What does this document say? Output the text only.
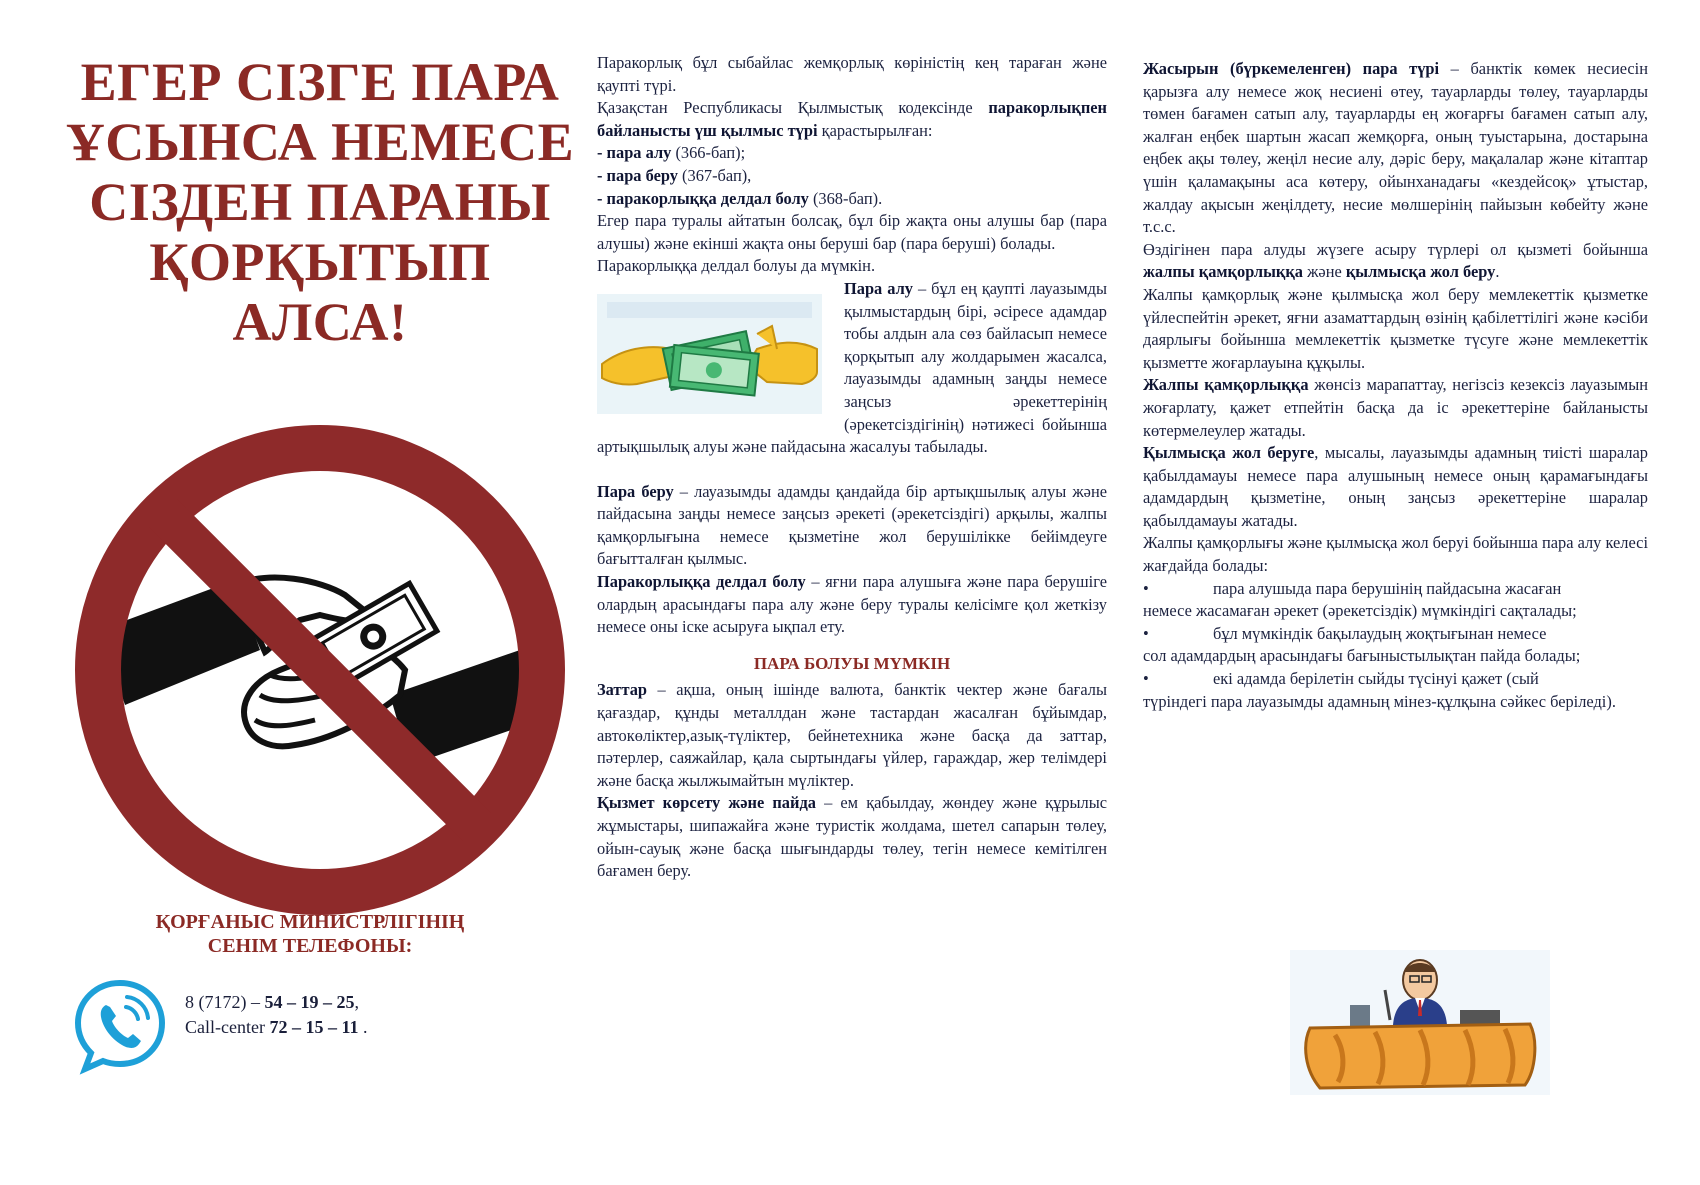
ЕГЕР СІЗГЕ ПАРА
ҰСЫНСА НЕМЕСЕ
СІЗДЕН ПАРАНЫ
ҚОРҚЫТЫП
АЛСА!
ҚОРҒАНЫС МИНИСТРЛІГІНІҢ
СЕНІМ ТЕЛЕФОНЫ:
8 (7172) – 54 – 19 – 25,
Call-center 72 – 15 – 11 .

Паракорлық бұл сыбайлас жемқорлық көріністің кең тараған және қаупті түрі.

Қазақстан Республикасы Қылмыстық кодексінде паракорлықпен байланысты үш қылмыс түрі қарастырылған:

- пара алу (366-бап);

- пара беру (367-бап),

- паракорлыққа делдал болу (368-бап).

Егер пара туралы айтатын болсақ, бұл бір жақта оны алушы бар (пара алушы) және екінші жақта оны беруші бар (пара беруші) болады.

Паракорлыққа делдал болуы да мүмкін.

Пара алу – бұл ең қаупті лауазымды қылмыстардың бірі, әсіресе адамдар тобы алдын ала сөз байласып немесе қорқытып алу жолдарымен жасалса, лауазымды адамның заңды немесе заңсыз әрекеттерінің (әрекетсіздігінің) нәтижесі бойынша артықшылық алуы және пайдасына жасалуы табылады.

Пара беру – лауазымды адамды қандайда бір артықшылық алуы және пайдасына заңды немесе заңсыз әрекеті (әрекетсіздігі) арқылы, жалпы қамқорлығына немесе қызметіне жол берушілікке бейімдеуге бағытталған қылмыс.

Паракорлыққа делдал болу – яғни пара алушыға және пара берушіге олардың арасындағы пара алу және беру туралы келісімге қол жеткізу немесе оны іске асыруға ықпал ету.

ПАРА БОЛУЫ МҮМКІН

Заттар – ақша, оның ішінде валюта, банктік чектер және бағалы қағаздар, құнды металлдан және тастардан жасалған бұйымдар, автокөліктер,азық-түліктер, бейнетехника және басқа да заттар, пәтерлер, саяжайлар, қала сыртындағы үйлер, гараждар, жер телімдері және басқа жылжымайтын мүліктер.

Қызмет көрсету және пайда – ем қабылдау, жөндеу және құрылыс жұмыстары, шипажайға және туристік жолдама, шетел сапарын төлеу, ойын-сауық және басқа шығындарды төлеу, тегін немесе кемітілген бағамен беру.

Жасырын (бүркемеленген) пара түрі – банктік көмек несиесін қарызға алу немесе жоқ несиені өтеу, тауарларды төлеу, тауарларды төмен бағамен сатып алу, тауарларды ең жоғарғы бағамен сатып алу, жалған еңбек шартын жасап жемқорға, оның туыстарына, достарына еңбек ақы төлеу, жеңіл несие алу, дәріс беру, мақалалар және кітаптар үшін қаламақыны аса көтеру, ойынханадағы «кездейсоқ» ұтыстар, жалдау ақысын жеңілдету, несие мөлшерінің пайызын көбейту және т.с.с.

Өздігінен пара алуды жүзеге асыру түрлері ол қызметі бойынша жалпы қамқорлыққа және қылмысқа жол беру.

Жалпы қамқорлық және қылмысқа жол беру мемлекеттік қызметке үйлеспейтін әрекет, яғни азаматтардың өзінің қабілеттілігі және кәсіби даярлығы бойынша мемлекеттік қызметке түсуге және мемлекеттік қызметте жоғарлауына құқылы.

Жалпы қамқорлыққа жөнсіз марапаттау, негізсіз кезексіз лауазымын жоғарлату, қажет етпейтін басқа да іс әрекеттеріне байланысты көтермелеулер жатады.

Қылмысқа жол беруге, мысалы, лауазымды адамның тиісті шаралар қабылдамауы немесе пара алушының немесе оның қарамағындағы адамдардың қызметіне, оның заңсыз әрекеттеріне шаралар қабылдамауы жатады.

Жалпы қамқорлығы және қылмысқа жол беруі бойынша пара алу келесі жағдайда болады:

•	пара алушыда пара берушінің пайдасына жасаған

немесе жасамаған әрекет (әрекетсіздік) мүмкіндігі сақталады;

•	бұл мүмкіндік бақылаудың жоқтығынан немесе

сол адамдардың арасындағы бағыныстылықтан пайда болады;

•	екі адамда берілетін сыйды түсінуі қажет (сый

түріндегі пара лауазымды адамның мінез-құлқына сәйкес беріледі).
